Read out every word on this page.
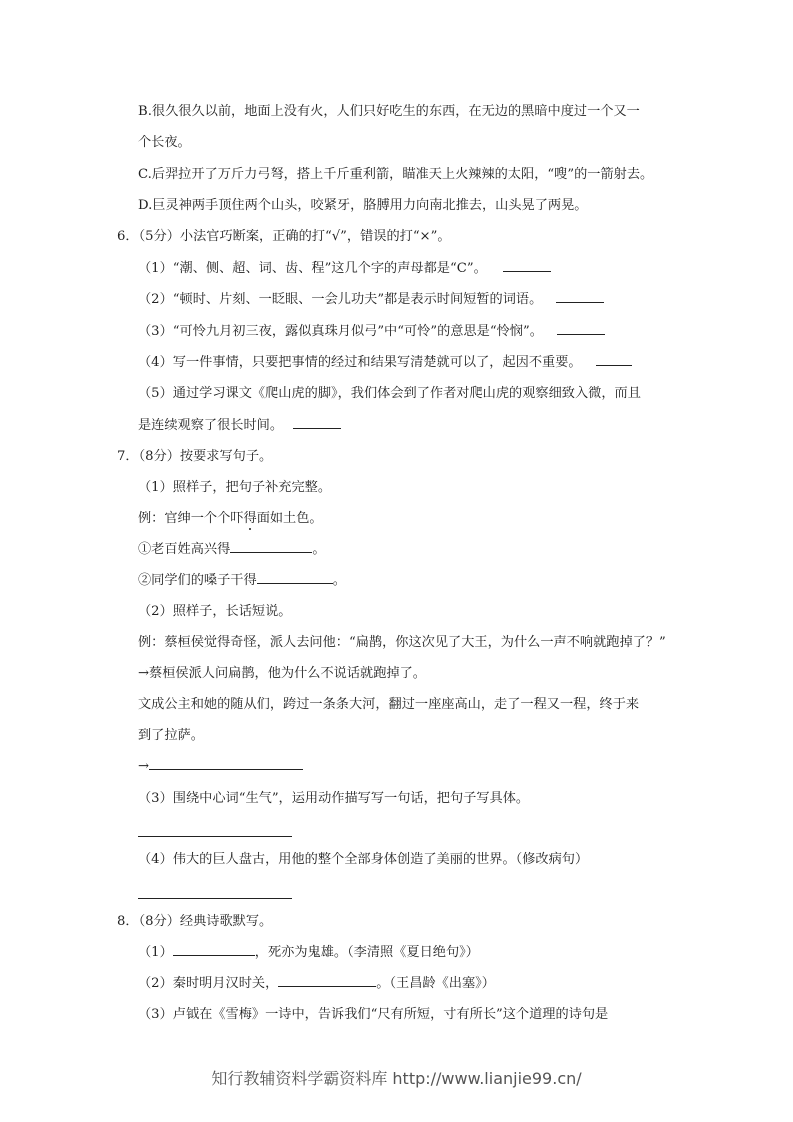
B.很久很久以前，地面上没有火，人们只好吃生的东西，在无边的黑暗中度过一个又一
个长夜。
C.后羿拉开了万斤力弓弩，搭上千斤重利箭，瞄准天上火辣辣的太阳，“嗖”的一箭射去。
D.巨灵神两手顶住两个山头，咬紧牙，胳膊用力向南北推去，山头晃了两晃。
6．（5分）小法官巧断案，正确的打“√”，错误的打“×”。
（1）“潮、侧、超、词、齿、程”这几个字的声母都是“C”。
（2）“顿时、片刻、一眨眼、一会儿功夫”都是表示时间短暂的词语。
（3）“可怜九月初三夜，露似真珠月似弓”中“可怜”的意思是“怜悯”。
（4）写一件事情，只要把事情的经过和结果写清楚就可以了，起因不重要。
（5）通过学习课文《爬山虎的脚》，我们体会到了作者对爬山虎的观察细致入微，而且
是连续观察了很长时间。
7．（8分）按要求写句子。
（1）照样子，把句子补充完整。
例：官绅一个个吓得面如土色。
①老百姓高兴得	。
②同学们的嗓子干得	。
（2）照样子，长话短说。
例：蔡桓侯觉得奇怪，派人去问他：“扁鹊，你这次见了大王，为什么一声不响就跑掉了？”
→蔡桓侯派人问扁鹊，他为什么不说话就跑掉了。
文成公主和她的随从们，跨过一条条大河，翻过一座座高山，走了一程又一程，终于来
到了拉萨。
→
（3）围绕中心词“生气”，运用动作描写写一句话，把句子写具体。
（4）伟大的巨人盘古，用他的整个全部身体创造了美丽的世界。（修改病句）
8．（8分）经典诗歌默写。
（1）	，死亦为鬼雄。（李清照《夏日绝句》）
（2）秦时明月汉时关，	。（王昌龄《出塞》）
（3）卢钺在《雪梅》一诗中，告诉我们“尺有所短，寸有所长”这个道理的诗句是
知行教辅资料学霸资料库 http://www.lianjie99.cn/
